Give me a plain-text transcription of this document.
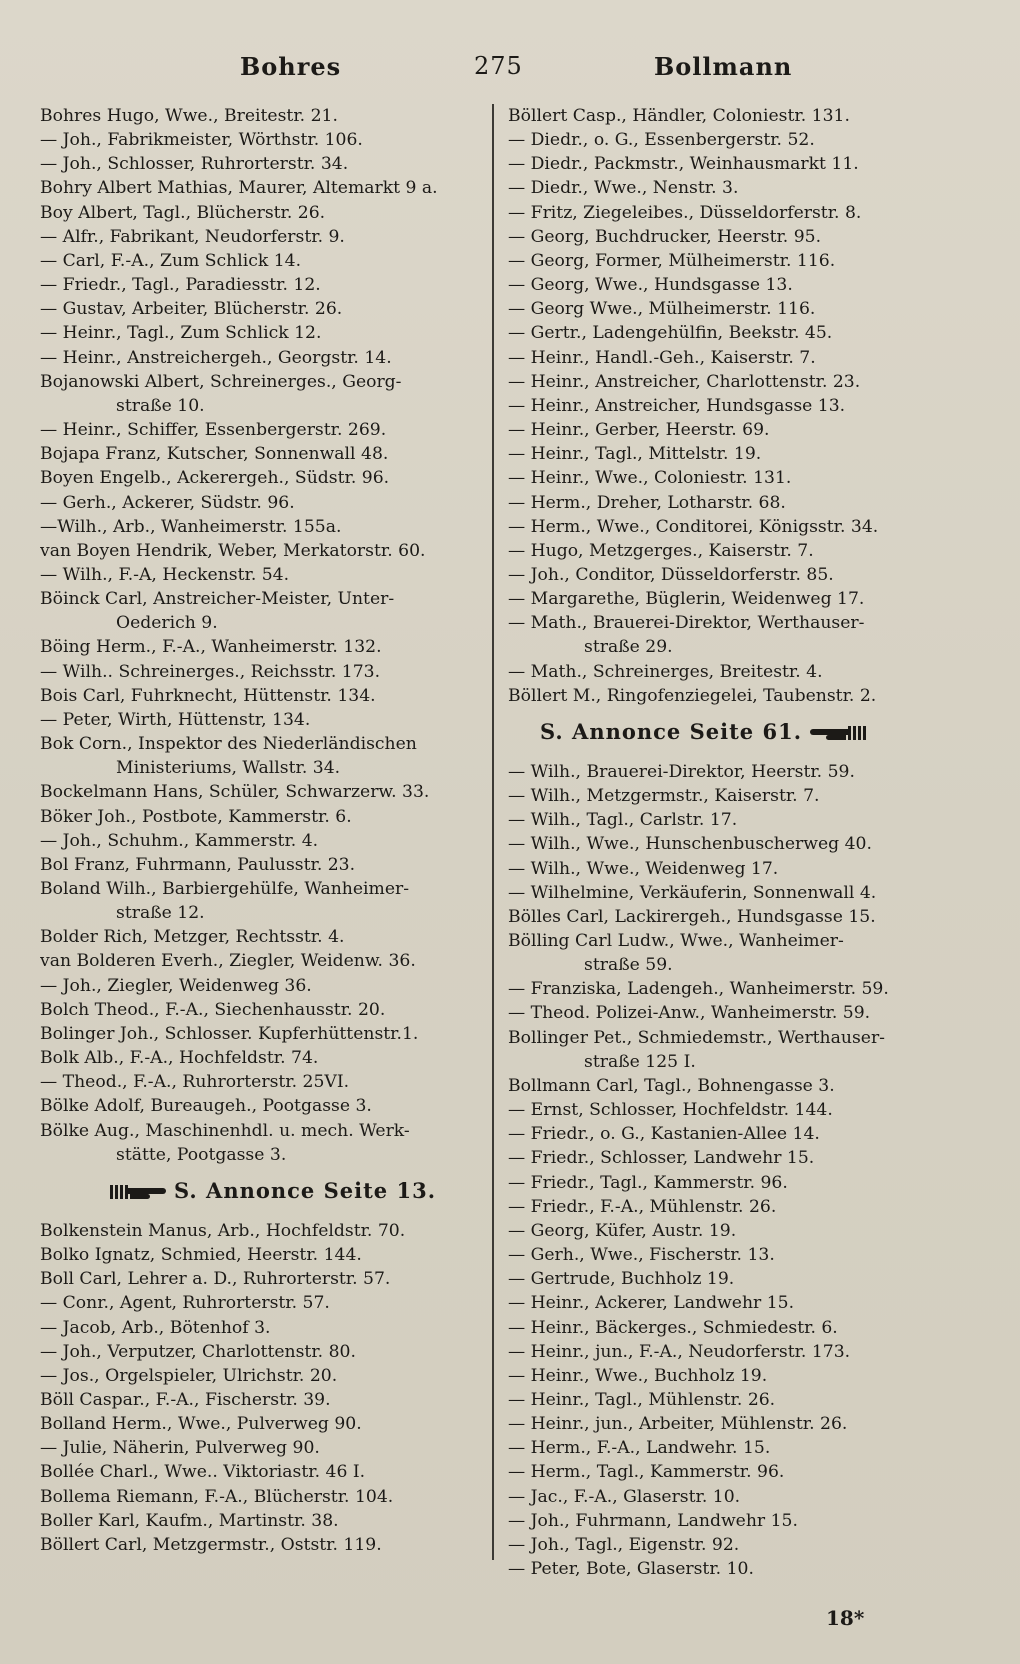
Bohres	275	Bollmann
Bohres Hugo, Wwe., Breitestr. 21.
— Joh., Fabrikmeister, Wörthstr. 106.
— Joh., Schlosser, Ruhrorterstr. 34.
Bohry Albert Mathias, Maurer, Altemarkt 9 a.
Boy Albert, Tagl., Blücherstr. 26.
— Alfr., Fabrikant, Neudorferstr. 9.
— Carl, F.-A., Zum Schlick 14.
— Friedr., Tagl., Paradiesstr. 12.
— Gustav, Arbeiter, Blücherstr. 26.
— Heinr., Tagl., Zum Schlick 12.
— Heinr., Anstreichergeh., Georgstr. 14.
Bojanowski Albert, Schreinerges., Georg-
straße 10.
— Heinr., Schiffer, Essenbergerstr. 269.
Bojapa Franz, Kutscher, Sonnenwall 48.
Boyen Engelb., Ackerergeh., Südstr. 96.
— Gerh., Ackerer, Südstr. 96.
—Wilh., Arb., Wanheimerstr. 155a.
van Boyen Hendrik, Weber, Merkatorstr. 60.
— Wilh., F.-A, Heckenstr. 54.
Böinck Carl, Anstreicher-Meister, Unter-
Oederich 9.
Böing Herm., F.-A., Wanheimerstr. 132.
— Wilh.. Schreinerges., Reichsstr. 173.
Bois Carl, Fuhrknecht, Hüttenstr. 134.
— Peter, Wirth, Hüttenstr, 134.
Bok Corn., Inspektor des Niederländischen
Ministeriums, Wallstr. 34.
Bockelmann Hans, Schüler, Schwarzerw. 33.
Böker Joh., Postbote, Kammerstr. 6.
— Joh., Schuhm., Kammerstr. 4.
Bol Franz, Fuhrmann, Paulusstr. 23.
Boland Wilh., Barbiergehülfe, Wanheimer-
straße 12.
Bolder Rich, Metzger, Rechtsstr. 4.
van Bolderen Everh., Ziegler, Weidenw. 36.
— Joh., Ziegler, Weidenweg 36.
Bolch Theod., F.-A., Siechenhausstr. 20.
Bolinger Joh., Schlosser. Kupferhüttenstr.1.
Bolk Alb., F.-A., Hochfeldstr. 74.
— Theod., F.-A., Ruhrorterstr. 25VI.
Bölke Adolf, Bureaugeh., Pootgasse 3.
Bölke Aug., Maschinenhdl. u. mech. Werk-
stätte, Pootgasse 3.
S. Annonce Seite 13.
Bolkenstein Manus, Arb., Hochfeldstr. 70.
Bolko Ignatz, Schmied, Heerstr. 144.
Boll Carl, Lehrer a. D., Ruhrorterstr. 57.
— Conr., Agent, Ruhrorterstr. 57.
— Jacob, Arb., Bötenhof 3.
— Joh., Verputzer, Charlottenstr. 80.
— Jos., Orgelspieler, Ulrichstr. 20.
Böll Caspar., F.-A., Fischerstr. 39.
Bolland Herm., Wwe., Pulverweg 90.
— Julie, Näherin, Pulverweg 90.
Bollée Charl., Wwe.. Viktoriastr. 46 I.
Bollema Riemann, F.-A., Blücherstr. 104.
Boller Karl, Kaufm., Martinstr. 38.
Böllert Carl, Metzgermstr., Oststr. 119.
Böllert Casp., Händler, Coloniestr. 131.
— Diedr., o. G., Essenbergerstr. 52.
— Diedr., Packmstr., Weinhausmarkt 11.
— Diedr., Wwe., Nenstr. 3.
— Fritz, Ziegeleibes., Düsseldorferstr. 8.
— Georg, Buchdrucker, Heerstr. 95.
— Georg, Former, Mülheimerstr. 116.
— Georg, Wwe., Hundsgasse 13.
— Georg Wwe., Mülheimerstr. 116.
— Gertr., Ladengehülfin, Beekstr. 45.
— Heinr., Handl.-Geh., Kaiserstr. 7.
— Heinr., Anstreicher, Charlottenstr. 23.
— Heinr., Anstreicher, Hundsgasse 13.
— Heinr., Gerber, Heerstr. 69.
— Heinr., Tagl., Mittelstr. 19.
— Heinr., Wwe., Coloniestr. 131.
— Herm., Dreher, Lotharstr. 68.
— Herm., Wwe., Conditorei, Königsstr. 34.
— Hugo, Metzgerges., Kaiserstr. 7.
— Joh., Conditor, Düsseldorferstr. 85.
— Margarethe, Büglerin, Weidenweg 17.
— Math., Brauerei-Direktor, Werthauser-
straße 29.
— Math., Schreinerges, Breitestr. 4.
Böllert M., Ringofenziegelei, Taubenstr. 2.
S. Annonce Seite 61.
— Wilh., Brauerei-Direktor, Heerstr. 59.
— Wilh., Metzgermstr., Kaiserstr. 7.
— Wilh., Tagl., Carlstr. 17.
— Wilh., Wwe., Hunschenbuscherweg 40.
— Wilh., Wwe., Weidenweg 17.
— Wilhelmine, Verkäuferin, Sonnenwall 4.
Bölles Carl, Lackirergeh., Hundsgasse 15.
Bölling Carl Ludw., Wwe., Wanheimer-
straße 59.
— Franziska, Ladengeh., Wanheimerstr. 59.
— Theod. Polizei-Anw., Wanheimerstr. 59.
Bollinger Pet., Schmiedemstr., Werthauser-
straße 125 I.
Bollmann Carl, Tagl., Bohnengasse 3.
— Ernst, Schlosser, Hochfeldstr. 144.
— Friedr., o. G., Kastanien-Allee 14.
— Friedr., Schlosser, Landwehr 15.
— Friedr., Tagl., Kammerstr. 96.
— Friedr., F.-A., Mühlenstr. 26.
— Georg, Küfer, Austr. 19.
— Gerh., Wwe., Fischerstr. 13.
— Gertrude, Buchholz 19.
— Heinr., Ackerer, Landwehr 15.
— Heinr., Bäckerges., Schmiedestr. 6.
— Heinr., jun., F.-A., Neudorferstr. 173.
— Heinr., Wwe., Buchholz 19.
— Heinr., Tagl., Mühlenstr. 26.
— Heinr., jun., Arbeiter, Mühlenstr. 26.
— Herm., F.-A., Landwehr. 15.
— Herm., Tagl., Kammerstr. 96.
— Jac., F.-A., Glaserstr. 10.
— Joh., Fuhrmann, Landwehr 15.
— Joh., Tagl., Eigenstr. 92.
— Peter, Bote, Glaserstr. 10.
18*
